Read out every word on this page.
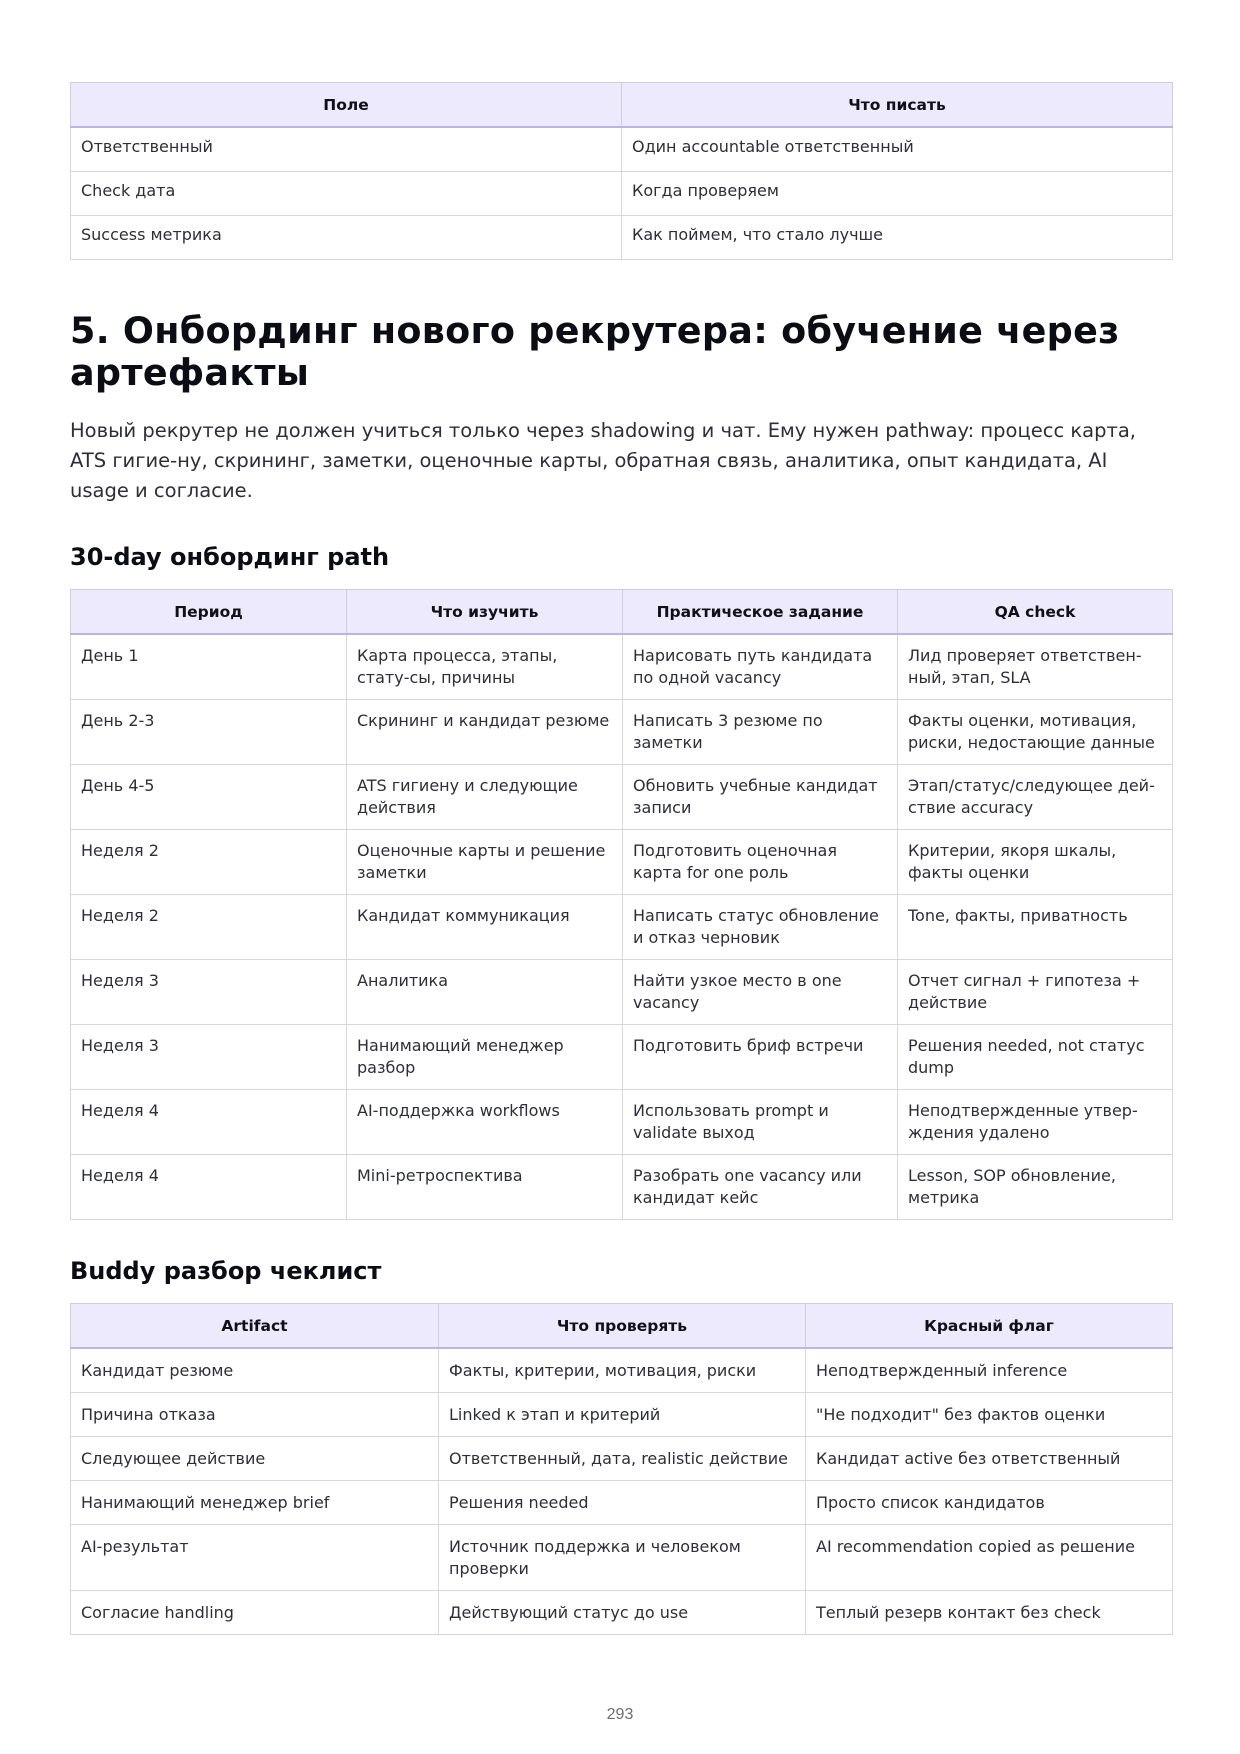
Поле	Что писать
Ответственный	Один accountable ответственный
Check дата	Когда проверяем
Success метрика	Как поймем, что стало лучше
5. Онбординг нового рекрутера: обучение через артефакты

Новый рекрутер не должен учиться только через shadowing и чат. Ему нужен pathway: процесс карта, ATS гигие-ну, скрининг, заметки, оценочные карты, обратная связь, аналитика, опыт кандидата, AI usage и согласие.

30-day онбординг path
Период	Что изучить	Практическое задание	QA check
День 1	Карта процесса, этапы, стату-сы, причины	Нарисовать путь кандидата по одной vacancy	Лид проверяет ответствен-ный, этап, SLA
День 2-3	Скрининг и кандидат резюме	Написать 3 резюме по заметки	Факты оценки, мотивация, риски, недостающие данные
День 4-5	ATS гигиену и следующие действия	Обновить учебные кандидат записи	Этап/статус/следующее дей-ствие accuracy
Неделя 2	Оценочные карты и решение заметки	Подготовить оценочная карта for one роль	Критерии, якоря шкалы, факты оценки
Неделя 2	Кандидат коммуникация	Написать статус обновление и отказ черновик	Tone, факты, приватность
Неделя 3	Аналитика	Найти узкое место в one vacancy	Отчет сигнал + гипотеза + действие
Неделя 3	Нанимающий менеджер разбор	Подготовить бриф встречи	Решения needed, not статус dump
Неделя 4	AI-поддержка workflows	Использовать prompt и validate выход	Неподтвержденные утвер-ждения удалено
Неделя 4	Mini-ретроспектива	Разобрать one vacancy или кандидат кейс	Lesson, SOP обновление, метрика
Buddy разбор чеклист
Artifact	Что проверять	Красный флаг
Кандидат резюме	Факты, критерии, мотивация, риски	Неподтвержденный inference
Причина отказа	Linked к этап и критерий	"Не подходит" без фактов оценки
Следующее действие	Ответственный, дата, realistic действие	Кандидат active без ответственный
Нанимающий менеджер brief	Решения needed	Просто список кандидатов
AI-результат	Источник поддержка и человеком проверки	AI recommendation copied as решение
Согласие handling	Действующий статус до use	Теплый резерв контакт без check
293
